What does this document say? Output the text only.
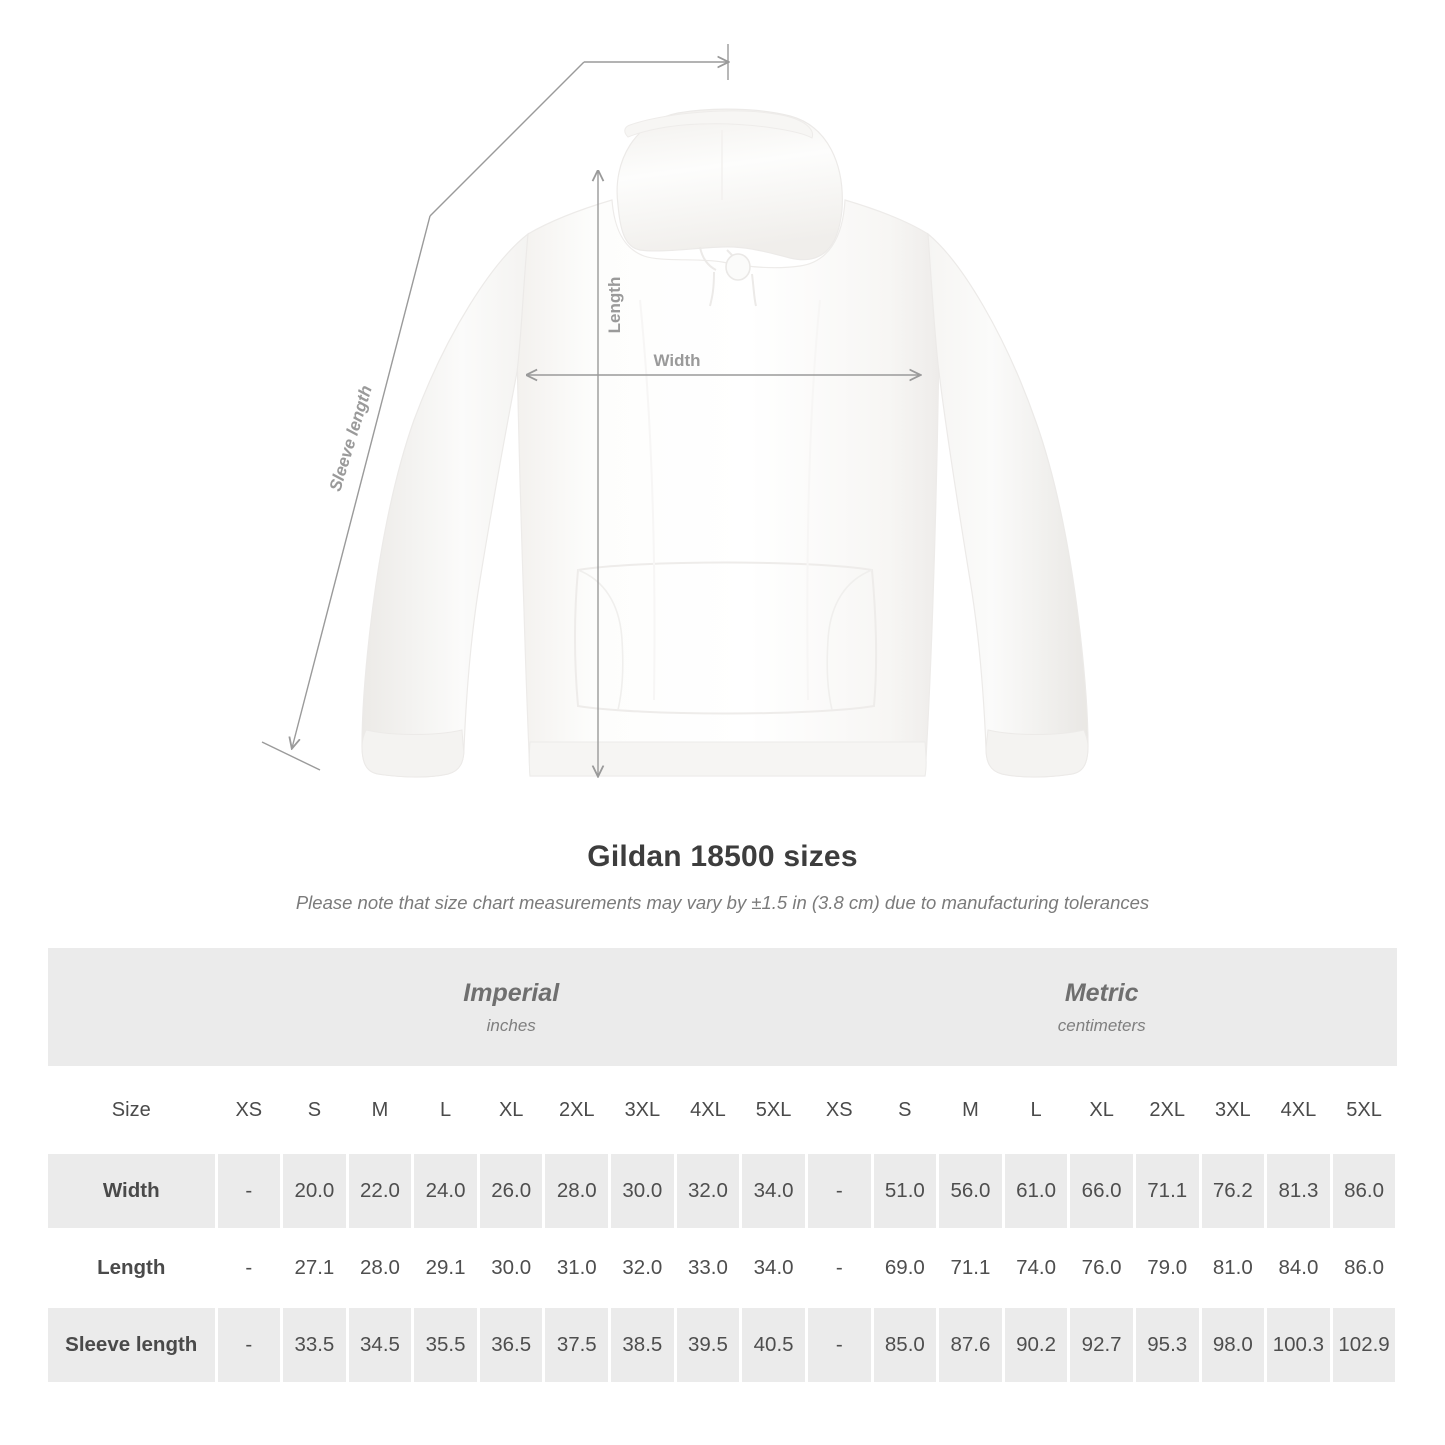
Length
Width
Sleeve length
Gildan 18500 sizes
Please note that size chart measurements may vary by ±1.5 in (3.8 cm) due to manufacturing tolerances

Imperial
inches

Metric
centimeters

Size	XS	S	M	L	XL	2XL	3XL	4XL	5XL	XS	S	M	L	XL	2XL	3XL	4XL	5XL
Width	-	20.0	22.0	24.0	26.0	28.0	30.0	32.0	34.0	-	51.0	56.0	61.0	66.0	71.1	76.2	81.3	86.0

Length	-	27.1	28.0	29.1	30.0	31.0	32.0	33.0	34.0	-	69.0	71.1	74.0	76.0	79.0	81.0	84.0	86.0

Sleeve length	-	33.5	34.5	35.5	36.5	37.5	38.5	39.5	40.5	-	85.0	87.6	90.2	92.7	95.3	98.0	100.3	102.9
